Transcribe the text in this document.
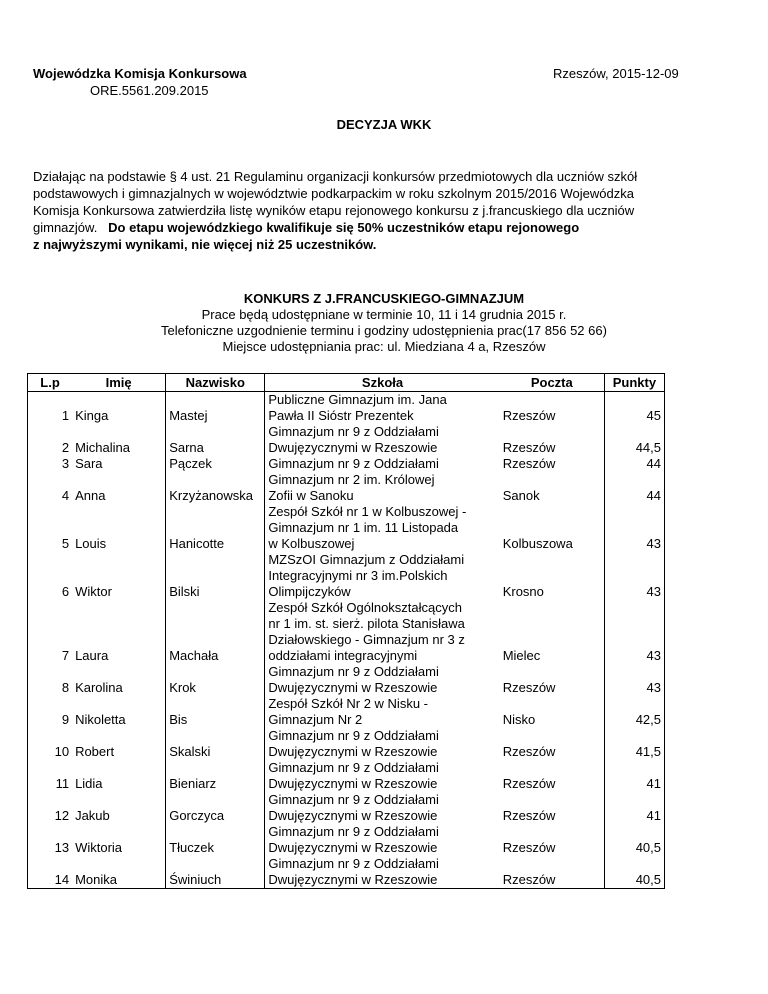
Wojewódzka Komisja Konkursowa
ORE.5561.209.2015
Rzeszów, 2015-12-09
DECYZJA WKK
Działając na podstawie § 4 ust. 21 Regulaminu organizacji konkursów przedmiotowych dla uczniów szkół
podstawowych i gimnazjalnych w województwie podkarpackim w roku szkolnym 2015/2016 Wojewódzka
Komisja Konkursowa zatwierdziła listę wyników etapu rejonowego konkursu z j.francuskiego dla uczniów
gimnazjów.   Do etapu wojewódzkiego kwalifikuje się 50% uczestników etapu rejonowego
z najwyższymi wynikami, nie więcej niż 25 uczestników.
KONKURS Z J.FRANCUSKIEGO-GIMNAZJUM
Prace będą udostępniane w terminie 10, 11 i 14 grudnia 2015 r.
Telefoniczne uzgodnienie terminu i godziny udostępnienia prac(17 856 52 66)
Miejsce udostępniania prac: ul. Miedziana 4 a, Rzeszów
L.p	Imię	Nazwisko	Szkoła	Poczta	Punkty
1	Kinga	Mastej	Publiczne Gimnazjum im. Jana
Pawła II Sióstr Prezentek	Rzeszów	45
2	Michalina	Sarna	Gimnazjum nr 9 z Oddziałami
Dwujęzycznymi w Rzeszowie	Rzeszów	44,5
3	Sara	Pączek	Gimnazjum nr 9 z Oddziałami	Rzeszów	44
4	Anna	Krzyżanowska	Gimnazjum nr 2 im. Królowej
Zofii w Sanoku	Sanok	44
5	Louis	Hanicotte	Zespół Szkół nr 1 w Kolbuszowej -
Gimnazjum nr 1 im. 11 Listopada
w Kolbuszowej	Kolbuszowa	43
6	Wiktor	Bilski	MZSzOI Gimnazjum z Oddziałami
Integracyjnymi nr 3 im.Polskich
Olimpijczyków	Krosno	43
7	Laura	Machała	Zespół Szkół Ogólnokształcących
nr 1 im. st. sierż. pilota Stanisława
Działowskiego - Gimnazjum nr 3 z
oddziałami integracyjnymi	Mielec	43
8	Karolina	Krok	Gimnazjum nr 9 z Oddziałami
Dwujęzycznymi w Rzeszowie	Rzeszów	43
9	Nikoletta	Bis	Zespół Szkół Nr 2 w Nisku -
Gimnazjum Nr 2	Nisko	42,5
10	Robert	Skalski	Gimnazjum nr 9 z Oddziałami
Dwujęzycznymi w Rzeszowie	Rzeszów	41,5
11	Lidia	Bieniarz	Gimnazjum nr 9 z Oddziałami
Dwujęzycznymi w Rzeszowie	Rzeszów	41
12	Jakub	Gorczyca	Gimnazjum nr 9 z Oddziałami
Dwujęzycznymi w Rzeszowie	Rzeszów	41
13	Wiktoria	Tłuczek	Gimnazjum nr 9 z Oddziałami
Dwujęzycznymi w Rzeszowie	Rzeszów	40,5
14	Monika	Świniuch	Gimnazjum nr 9 z Oddziałami
Dwujęzycznymi w Rzeszowie	Rzeszów	40,5
